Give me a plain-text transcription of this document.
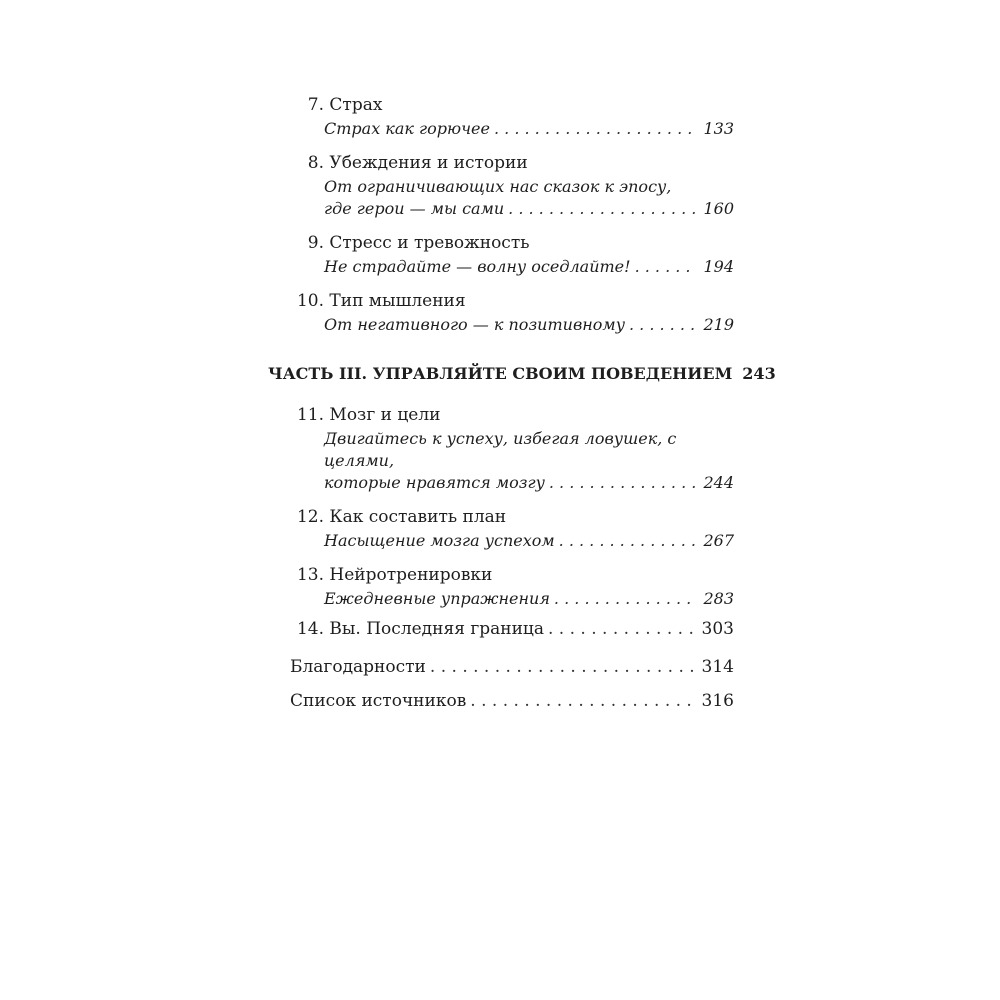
7.
Страх
Страх как горючее . . .	133
8.
Убеждения и истории
От ограничивающих нас сказок к эпосу,
где герои — мы сами . . .	160
9.
Стресс и тревожность
Не страдайте — волну оседлайте! . . .	194
10.
Тип мышления
От негативного — к позитивному . . .	219
ЧАСТЬ III. УПРАВЛЯЙТЕ СВОИМ ПОВЕДЕНИЕМ 243
11.
Мозг и цели
Двигайтесь к успеху, избегая ловушек, с целями,
которые нравятся мозгу . . .	244
12.
Как составить план
Насыщение мозга успехом . . .	267
13.
Нейротренировки
Ежедневные упражнения . . .	283
14.
Вы. Последняя граница . . .	303
Благодарности . . .	314
Список источников . . .	316
